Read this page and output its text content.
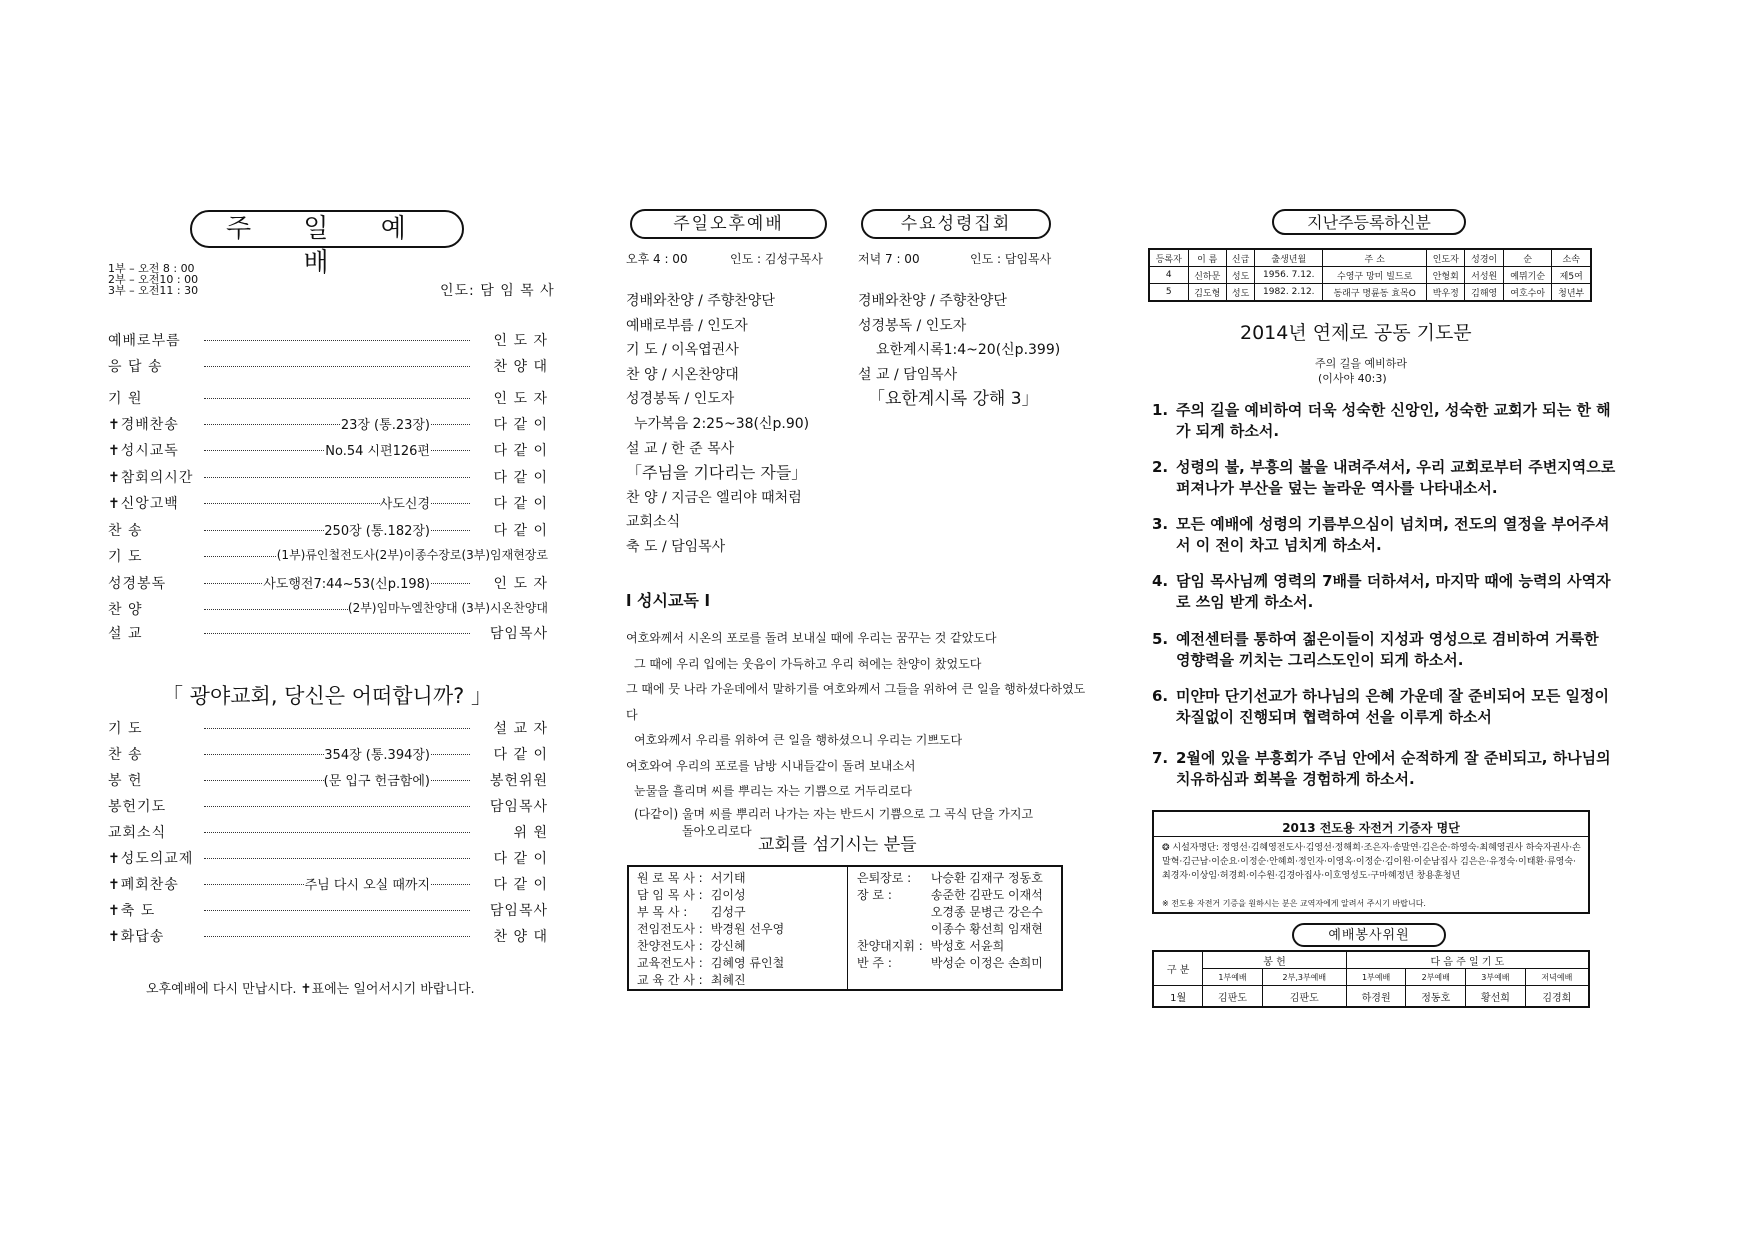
주 일 예 배
1부 – 오전 8 : 00
2부 – 오전10 : 00
3부 – 오전11 : 30	인도: 담 임 목 사
예배로부름	인 도 자
응 답 송	찬 양 대
기 원	인 도 자
✝경배찬송	23장 (통.23장)	다 같 이
✝성시교독	No.54 시편126편	다 같 이
✝참회의시간	다 같 이
✝신앙고백	사도신경	다 같 이
찬 송	250장 (통.182장)	다 같 이
기 도	(1부)류인철전도사(2부)이종수장로(3부)임재현장로
성경봉독	사도행전7:44~53(신p.198)	인 도 자
찬 양	(2부)임마누엘찬양대 (3부)시온찬양대
설 교	담임목사
「 광야교회, 당신은 어떠합니까? 」
기 도	설 교 자
찬 송	354장 (통.394장)	다 같 이
봉 헌	(문 입구 헌금함에)	봉헌위원
봉헌기도	담임목사
교회소식	위 원
✝성도의교제	다 같 이
✝폐회찬송	주님 다시 오실 때까지	다 같 이
✝축 도	담임목사
✝화답송	찬 양 대
오후예배에 다시 만납시다. ✝표에는 일어서시기 바랍니다.
주일오후예배	수요성령집회
오후 4 : 00	인도 : 김성구목사	저녁 7 : 00	인도 : 담임목사
경배와찬양 / 주향찬양단
예배로부름 / 인도자
기 도 / 이옥엽권사
찬 양 / 시온찬양대
성경봉독 / 인도자
누가복음 2:25~38(신p.90)
설 교 / 한 준 목사
「주님을 기다리는 자들」
찬 양 / 지금은 엘리야 때처럼
교회소식
축 도 / 담임목사
경배와찬양 / 주향찬양단
성경봉독 / 인도자
요한계시록1:4~20(신p.399)
설 교 / 담임목사
「요한계시록 강해 3」
l 성시교독 l
여호와께서 시온의 포로를 돌려 보내실 때에 우리는 꿈꾸는 것 같았도다
그 때에 우리 입에는 웃음이 가득하고 우리 혀에는 찬양이 찼었도다
그 때에 뭇 나라 가운데에서 말하기를 여호와께서 그들을 위하여 큰 일을 행하셨다하였도다
여호와께서 우리를 위하여 큰 일을 행하셨으니 우리는 기쁘도다
여호와여 우리의 포로를 남방 시내들같이 돌려 보내소서
눈물을 흘리며 씨를 뿌리는 자는 기쁨으로 거두리로다
(다같이) 울며 씨를 뿌리러 나가는 자는 반드시 기쁨으로 그 곡식 단을 가지고
돌아오리로다
교회를 섬기시는 분들
원 로 목 사 :	서기태
담 임 목 사 :	김이성
부 목 사 :	김성구
전임전도사 :	박경원 선우영
찬양전도사 :	강신혜
교육전도사 :	김혜영 류인철
교 육 간 사 :	최혜진
은퇴장로 :	나승환 김재구 정동호
장 로 :	송준한 김판도 이재석
	오경종 문병근 강은수
	이종수 황선희 임재현
찬양대지휘 :	박성호 서윤희
반 주 :	박성순 이정은 손희미
지난주등록하신분
등록자	이 름	신급	출생년월	주 소	인도자	성경이	순	소속
4	신하문	성도	1956. 7.12.	수영구 망미 빌드로	안형회	서성원	예뮈기순	제5여
5	김도형	성도	1982. 2.12.	동래구 명륜동 효목O	박우정	김해영	여호수아	청년부
2014년 연제로 공동 기도문
주의 길을 예비하라
(이사야 40:3)
1. 주의 길을 예비하여 더욱 성숙한 신앙인, 성숙한 교회가 되는 한 해가 되게 하소서.
2. 성령의 불, 부흥의 불을 내려주셔서, 우리 교회로부터 주변지역으로 퍼져나가 부산을 덮는 놀라운 역사를 나타내소서.
3. 모든 예배에 성령의 기름부으심이 넘치며, 전도의 열정을 부어주셔서 이 전이 차고 넘치게 하소서.
4. 담임 목사님께 영력의 7배를 더하셔서, 마지막 때에 능력의 사역자로 쓰임 받게 하소서.
5. 예전센터를 통하여 젊은이들이 지성과 영성으로 겸비하여 거룩한 영향력을 끼치는 그리스도인이 되게 하소서.
6. 미얀마 단기선교가 하나님의 은혜 가운데 잘 준비되어 모든 일정이 차질없이 진행되며 협력하여 선을 이루게 하소서
7. 2월에 있을 부흥회가 주님 안에서 순적하게 잘 준비되고, 하나님의 치유하심과 회복을 경험하게 하소서.
2013 전도용 자전거 기증자 명단
❂ 시설자명단: 정영선·김혜영전도사·김영선·정해희·조은자·송말연·김은순·하영숙·최혜영권사 하숙자권사·손말혁·김근남·이순요·이정순·안혜희·정인자·이영옥·이정순·김이원·이순남집사 김은은·유정숙·이태환·류영숙·최경자·이상임·허경희·이수원·김경아집사·이호영성도·구마혜정년 창용훈청년
※ 전도용 자전거 기증을 원하시는 분은 교역자에게 알려서 주시기 바랍니다.
예배봉사위원
구 분	봉 헌		다 음 주 일 기 도			
	1부예배	2부,3부예배	1부예배	2부예배	3부예배	저녁예배
1월	김판도	김판도	하경원	정동호	황선희	김경희
